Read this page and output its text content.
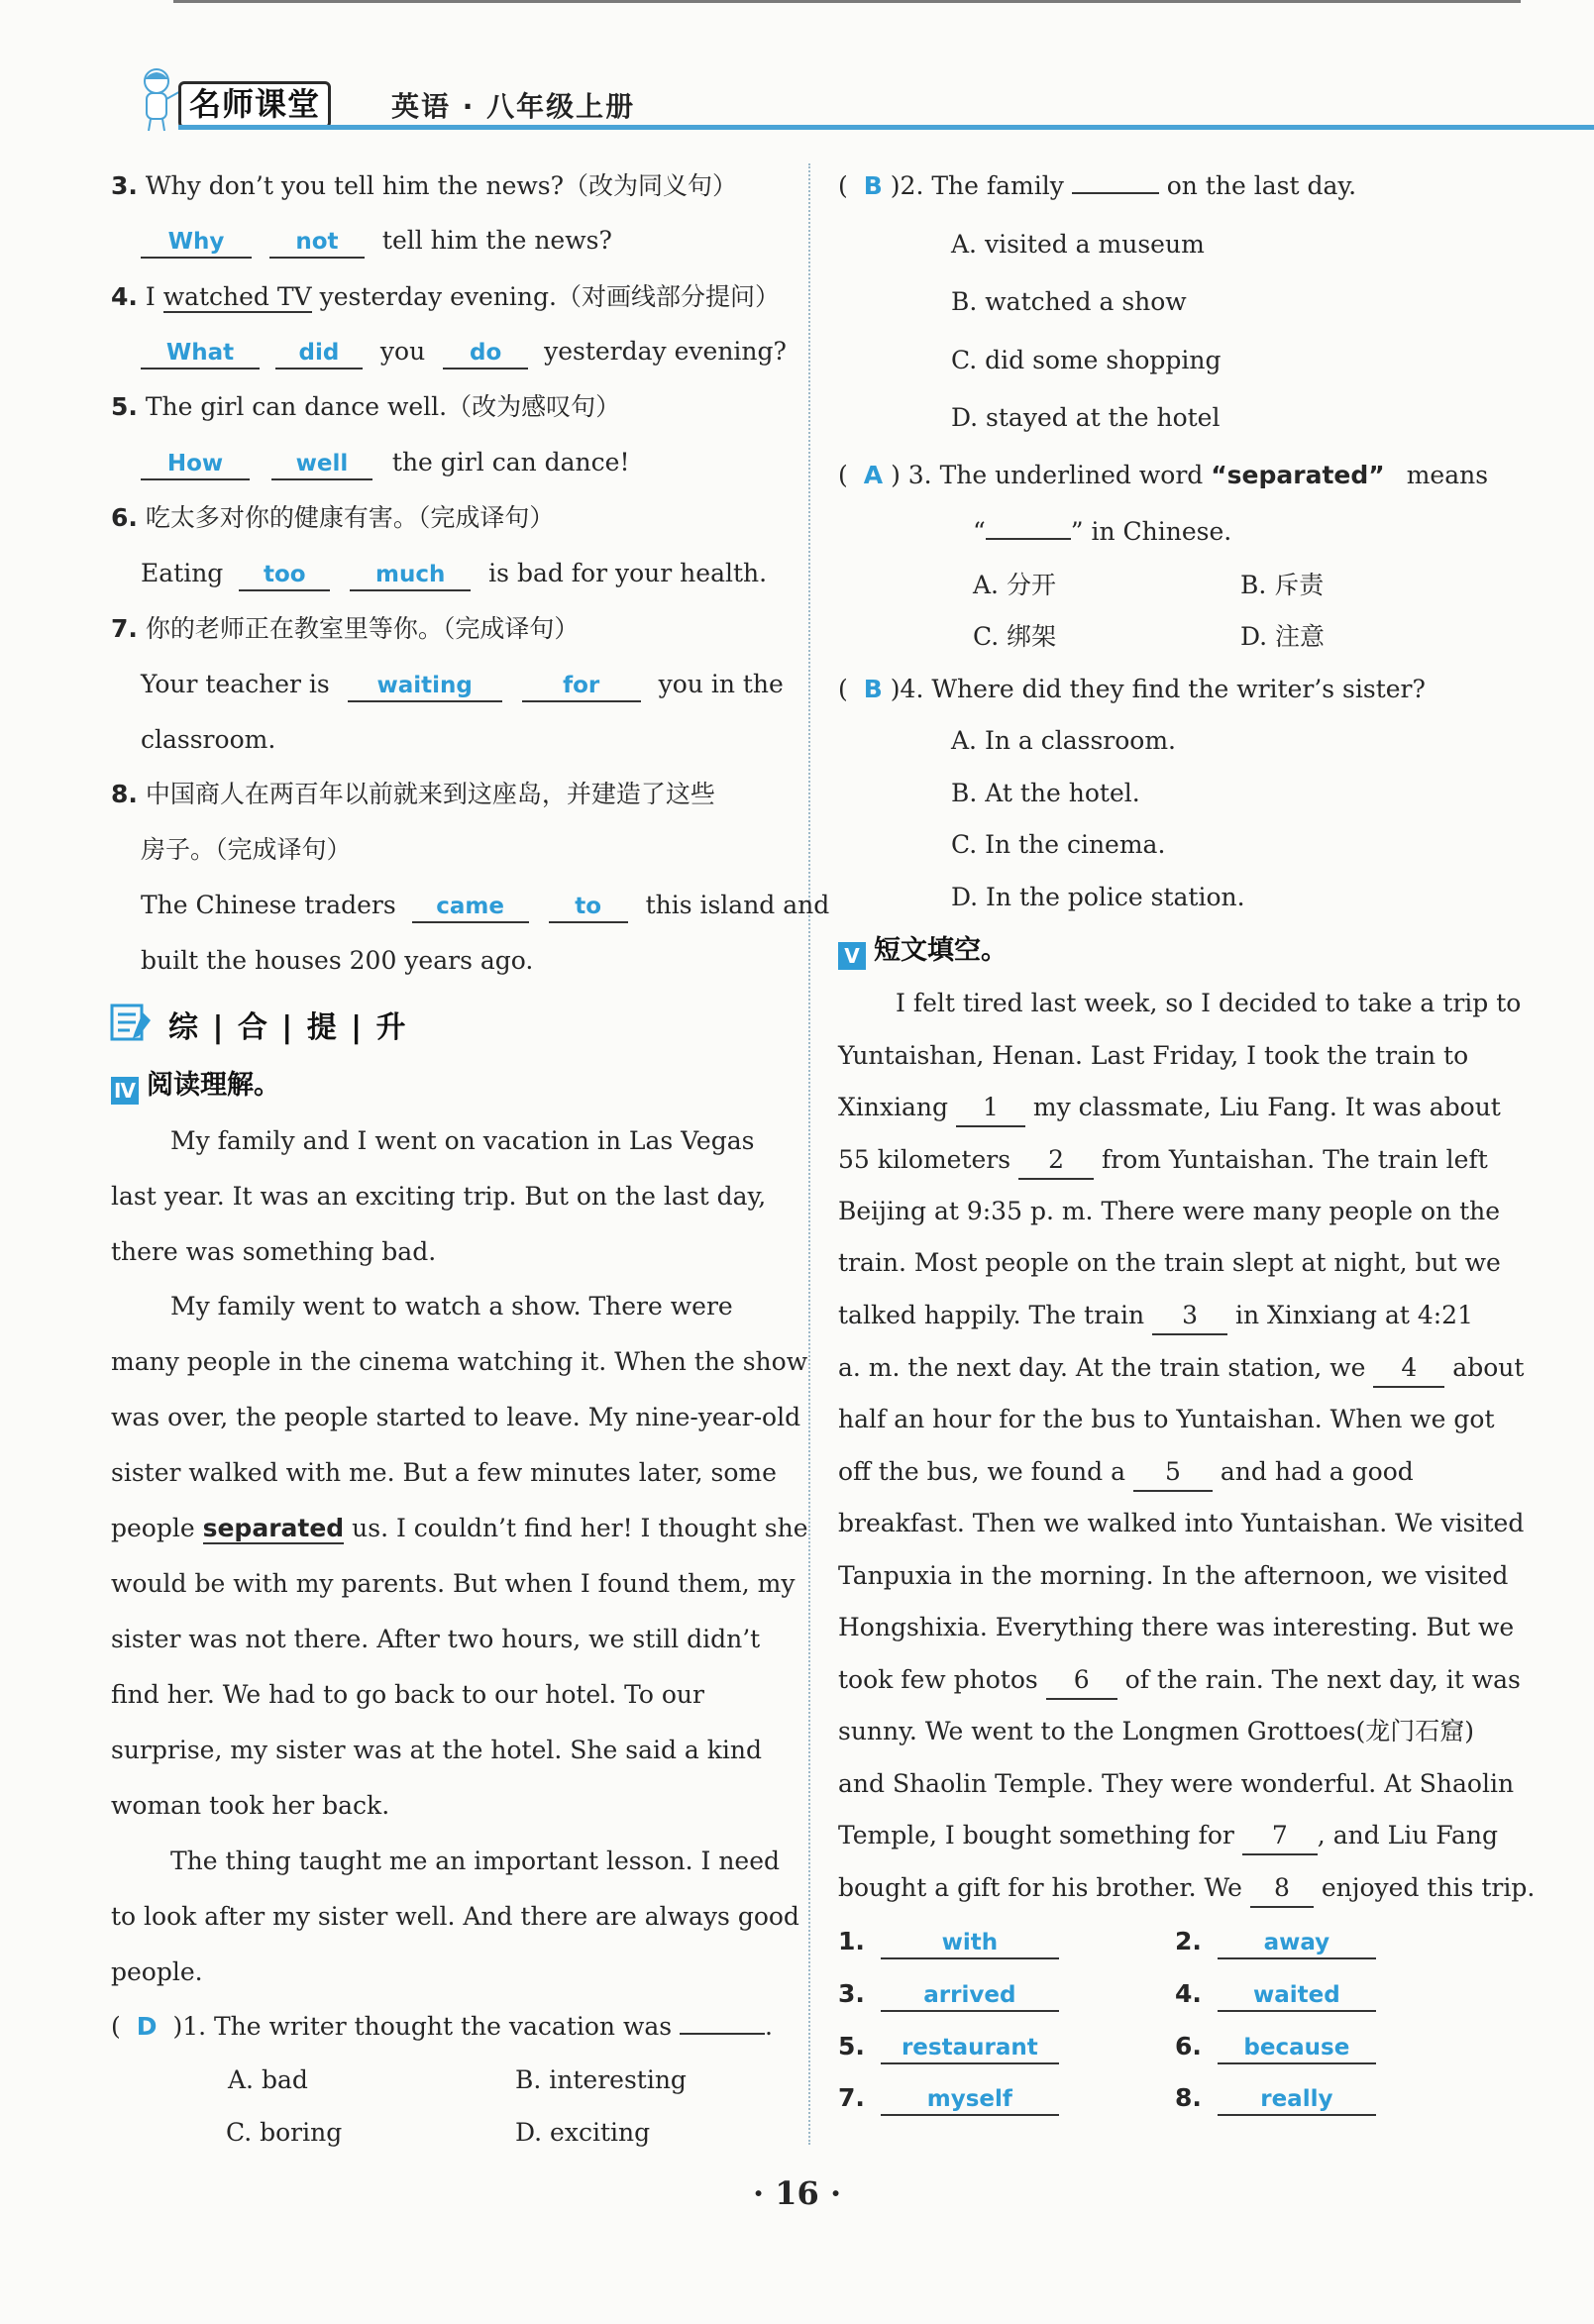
名师课堂	英语 · 八年级上册
3. Why don’t you tell him the news?（改为同义句）
Why	not tell him the news?
4. I watched TV yesterday evening.（对画线部分提问）
What	did you do yesterday evening?
5. The girl can dance well.（改为感叹句）
How	well the girl can dance!
6. 吃太多对你的健康有害。（完成译句）
Eating too	much is bad for your health.
7. 你的老师正在教室里等你。（完成译句）
Your teacher is waiting	for you in the
classroom.
8. 中国商人在两百年以前就来到这座岛，并建造了这些
房子。（完成译句）
The Chinese traders came	to this island and
built the houses 200 years ago.
综 | 合 | 提 | 升
Ⅳ 阅读理解。
My family and I went on vacation in Las Vegas
last year. It was an exciting trip. But on the last day,
there was something bad.
My family went to watch a show. There were
many people in the cinema watching it. When the show
was over, the people started to leave. My nine-year-old
sister walked with me. But a few minutes later, some
people separated us. I couldn’t find her! I thought she
would be with my parents. But when I found them, my
sister was not there. After two hours, we still didn’t
find her. We had to go back to our hotel. To our
surprise, my sister was at the hotel. She said a kind
woman took her back.
The thing taught me an important lesson. I need
to look after my sister well. And there are always good
people.
( D )1. The writer thought the vacation was	.
A. bad	B. interesting
C. boring	D. exciting
( B )2. The family	on the last day.
A. visited a museum
B. watched a show
C. did some shopping
D. stayed at the hotel
( A ) 3. The underlined word “separated” means
“	” in Chinese.
A. 分开	B. 斥责
C. 绑架	D. 注意
( B )4. Where did they find the writer’s sister?
A. In a classroom.
B. At the hotel.
C. In the cinema.
D. In the police station.
Ⅴ 短文填空。
I felt tired last week, so I decided to take a trip to
Yuntaishan, Henan. Last Friday, I took the train to
Xinxiang 1 my classmate, Liu Fang. It was about
55 kilometers 2 from Yuntaishan. The train left
Beijing at 9:35 p. m. There were many people on the
train. Most people on the train slept at night, but we
talked happily. The train 3 in Xinxiang at 4:21
a. m. the next day. At the train station, we 4 about
half an hour for the bus to Yuntaishan. When we got
off the bus, we found a 5 and had a good
breakfast. Then we walked into Yuntaishan. We visited
Tanpuxia in the morning. In the afternoon, we visited
Hongshixia. Everything there was interesting. But we
took few photos 6 of the rain. The next day, it was
sunny. We went to the Longmen Grottoes(龙门石窟)
and Shaolin Temple. They were wonderful. At Shaolin
Temple, I bought something for 7 , and Liu Fang
bought a gift for his brother. We 8 enjoyed this trip.
1.	with	2.	away
3.	arrived	4. waited
5. restaurant	6. because
7.	myself	8.	really
· 16 ·
